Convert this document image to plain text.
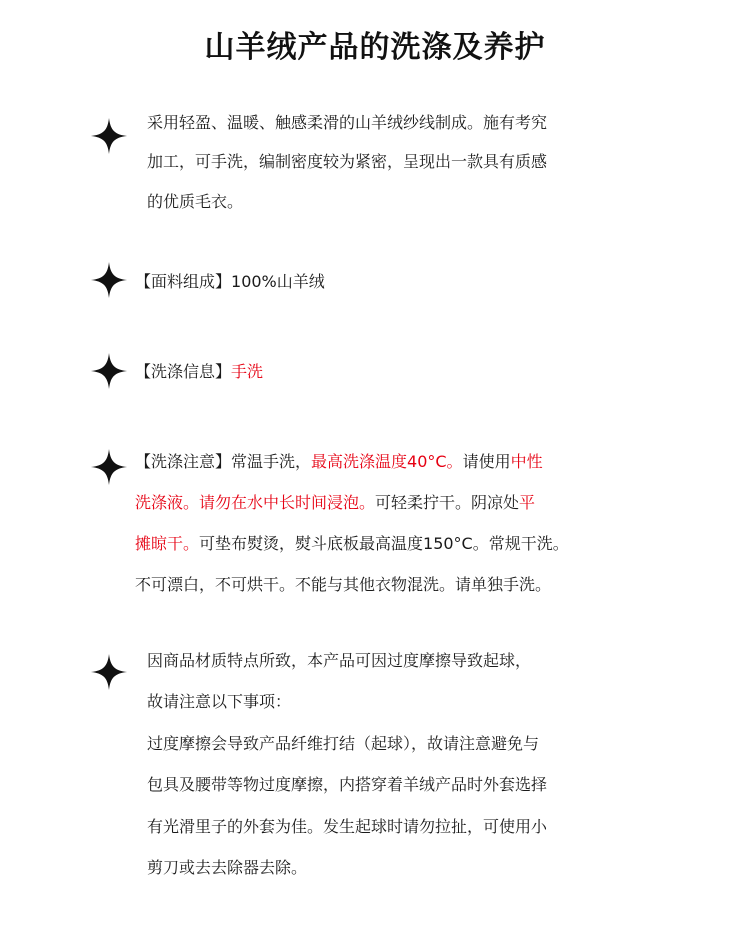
山羊绒产品的洗涤及养护
采用轻盈、温暖、触感柔滑的山羊绒纱线制成。施有考究
加工，可手洗，编制密度较为紧密，呈现出一款具有质感
的优质毛衣。
【面料组成】100%山羊绒
【洗涤信息】手洗
【洗涤注意】常温手洗，最高洗涤温度40°C。请使用中性
洗涤液。请勿在水中长时间浸泡。可轻柔拧干。阴凉处平
摊晾干。可垫布熨烫，熨斗底板最高温度150°C。常规干洗。
不可漂白，不可烘干。不能与其他衣物混洗。请单独手洗。
因商品材质特点所致，本产品可因过度摩擦导致起球，
故请注意以下事项：
过度摩擦会导致产品纤维打结（起球），故请注意避免与
包具及腰带等物过度摩擦，内搭穿着羊绒产品时外套选择
有光滑里子的外套为佳。发生起球时请勿拉扯，可使用小
剪刀或去去除器去除。
